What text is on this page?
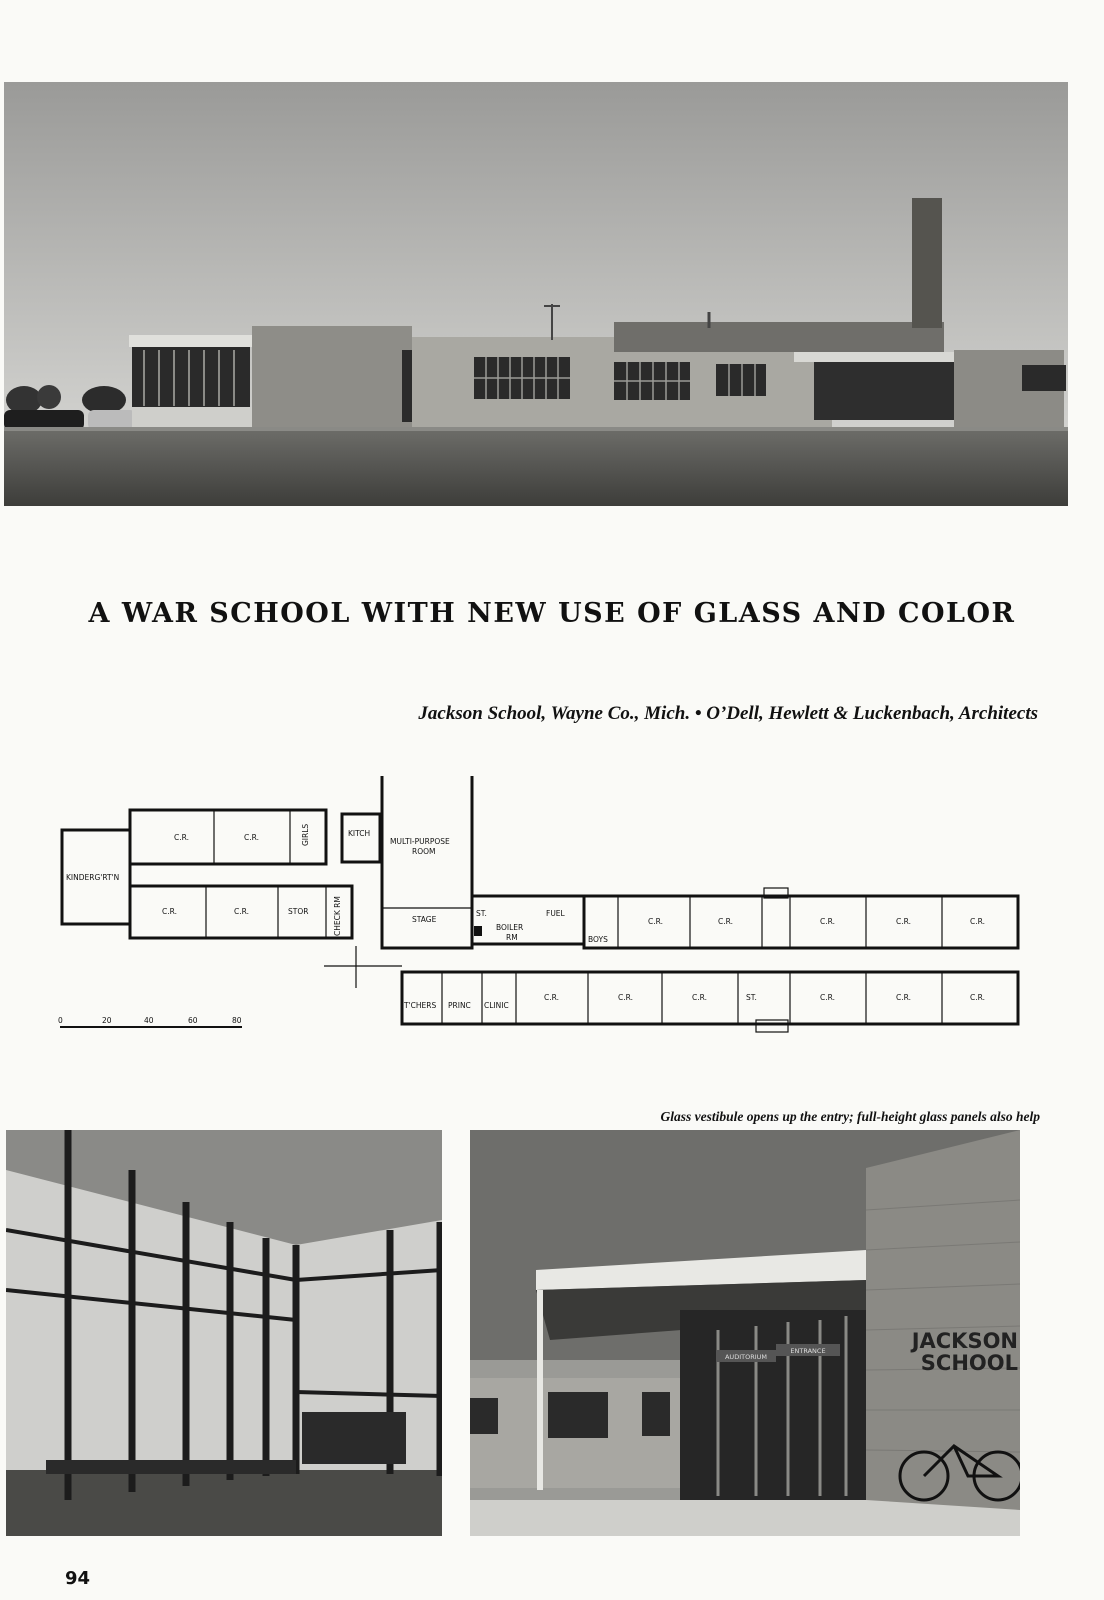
A WAR SCHOOL WITH NEW USE OF GLASS AND COLOR
Jackson School, Wayne Co., Mich. • O’Dell, Hewlett & Luckenbach, Architects
KINDERG'RT'N
C.R.	C.R.	GIRLS	KITCH
C.R.	C.R.	STOR	CHECK RM
MULTI-PURPOSE
ROOM
STAGE
ST.
BOILER
RM
FUEL
BOYS
C.R.	C.R.	C.R.	C.R.	C.R.
T'CHERS PRINC CLINIC
C.R.	C.R.	C.R.	ST.	C.R.	C.R.	C.R.
0	20	40	60	80
Glass vestibule opens up the entry; full-height glass panels also help
AUDITORIUM
ENTRANCE	JACKSON
SCHOOL
94
